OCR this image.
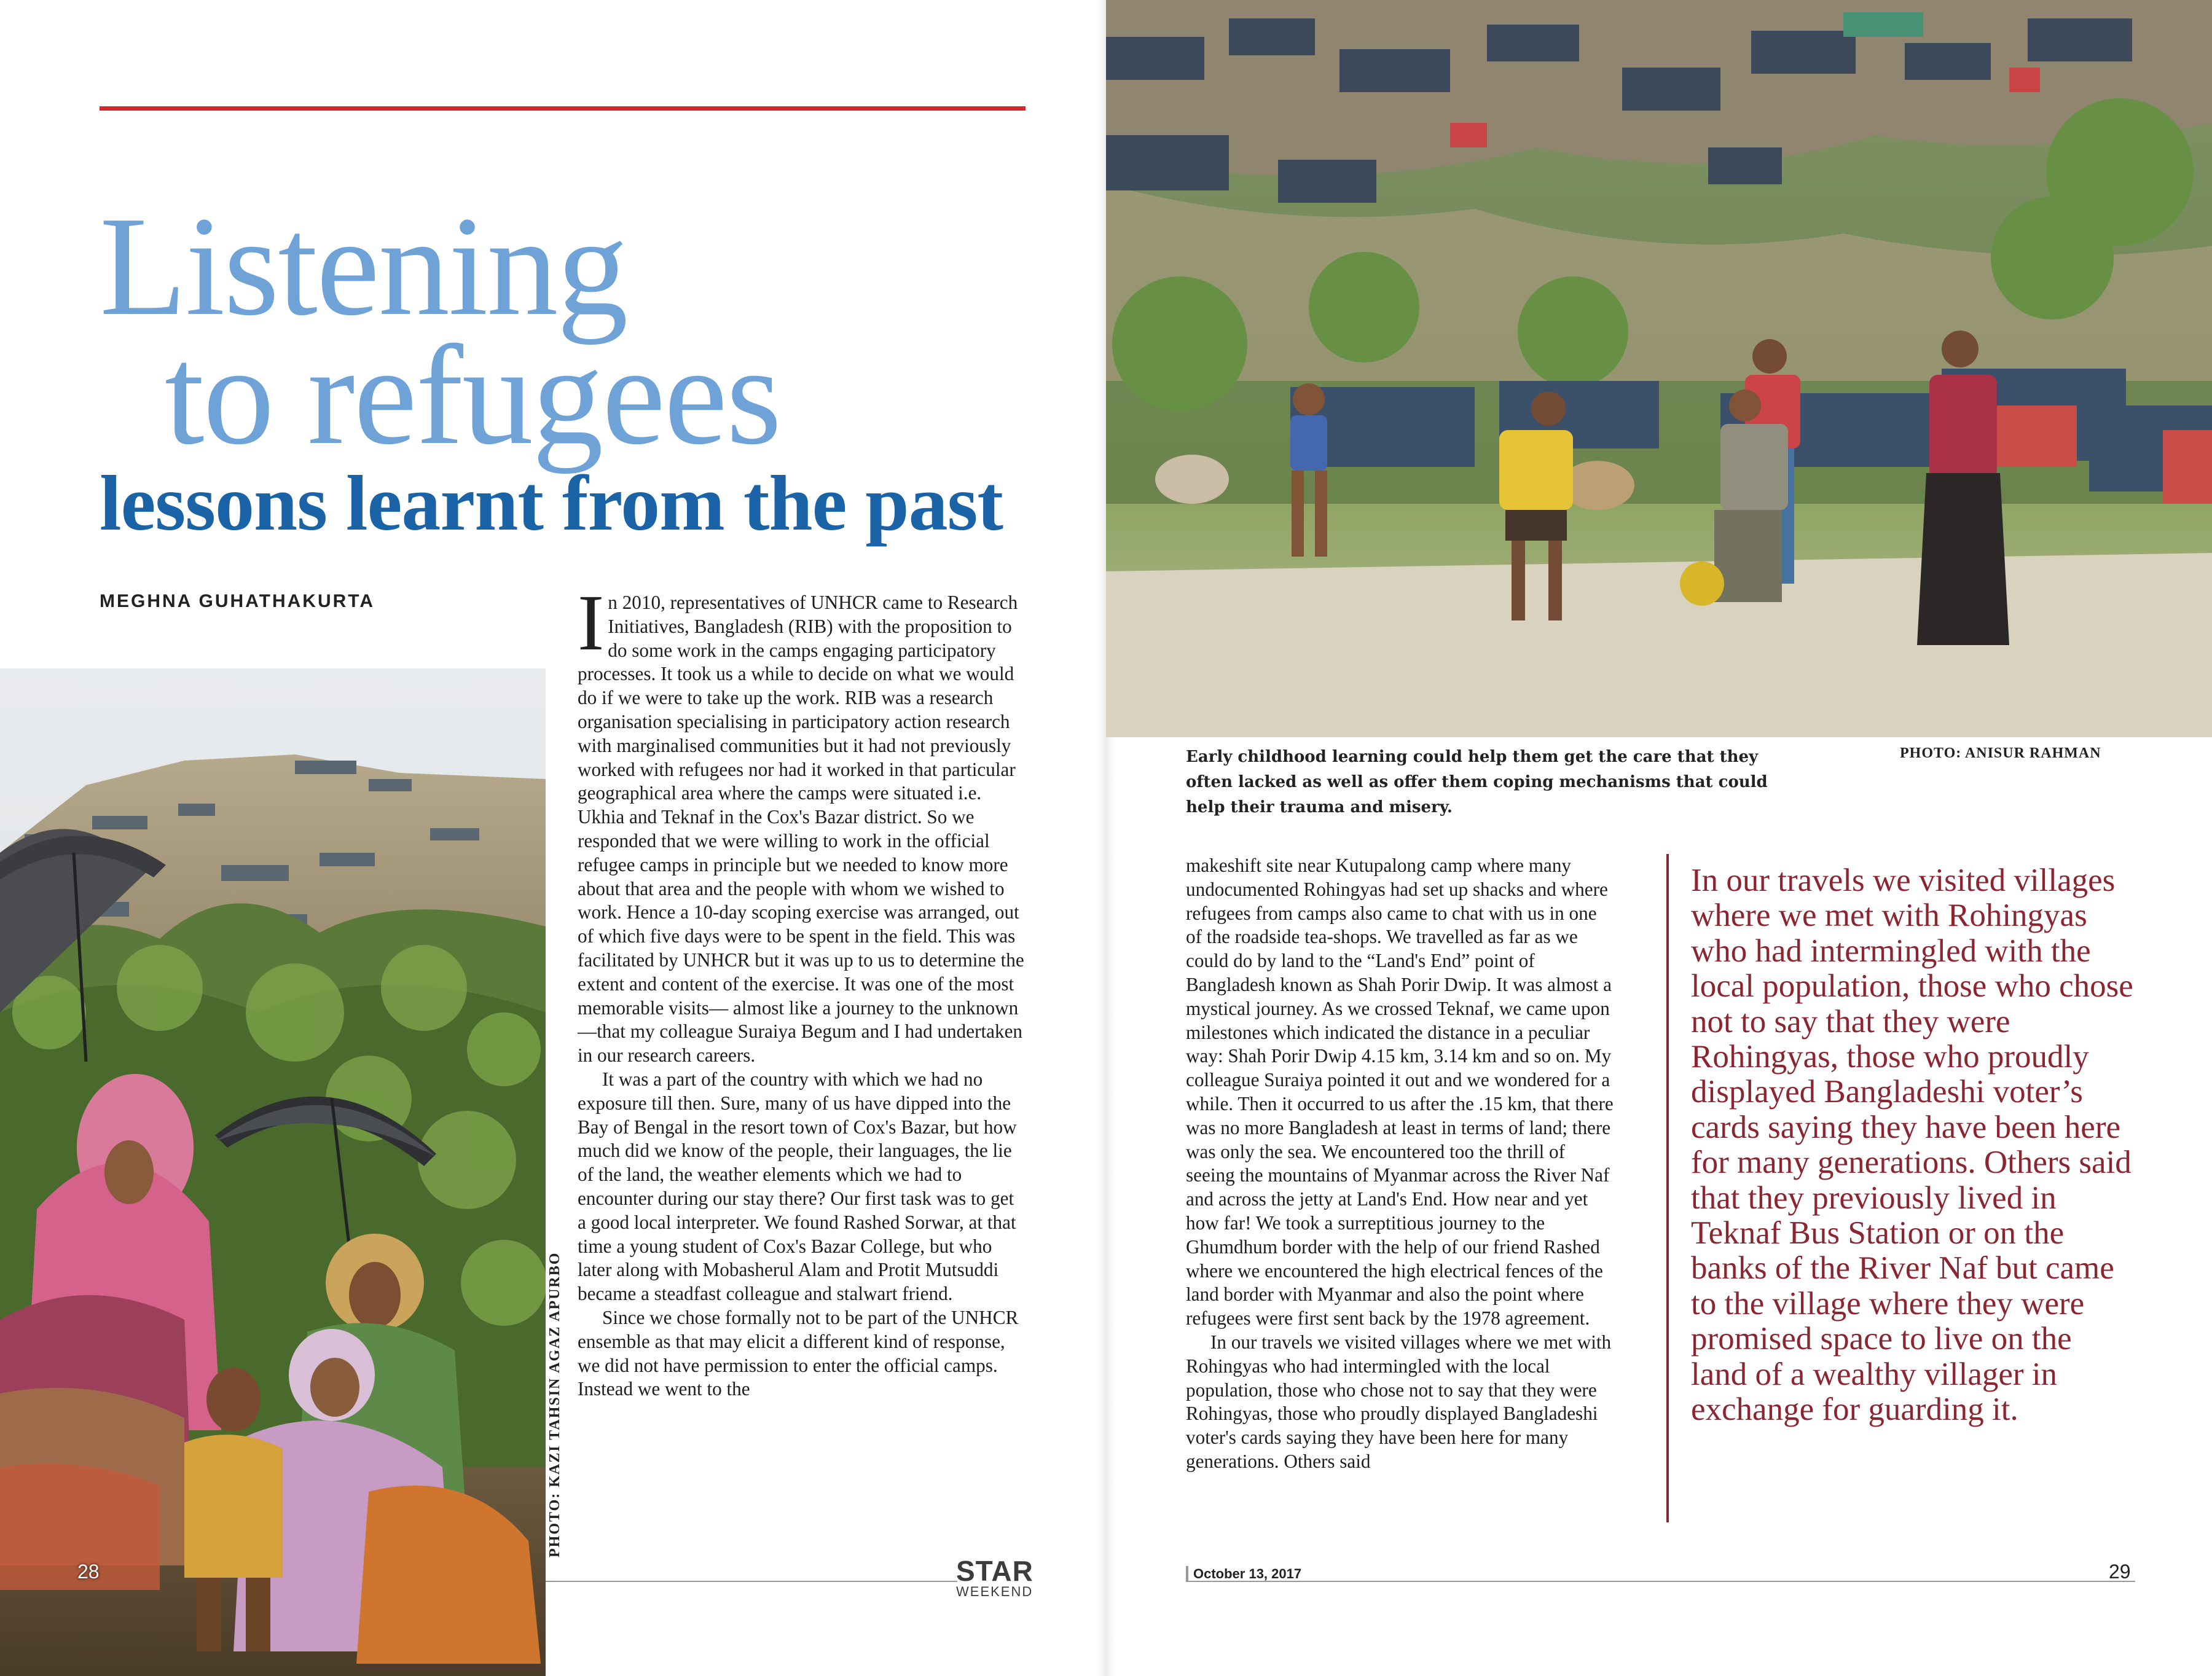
Listening
to refugees
lessons learnt from the past
MEGHNA GUHATHAKURTA
PHOTO: KAZI TAHSIN AGAZ APURBO

In 2010, representatives of UNHCR came to Research Initiatives, Bangladesh (RIB) with the proposition to do some work in the camps engaging participatory processes. It took us a while to decide on what we would do if we were to take up the work. RIB was a research organisation specialising in participatory action research with marginalised communities but it had not previously worked with refugees nor had it worked in that particular geographical area where the camps were situated i.e. Ukhia and Teknaf in the Cox's Bazar district. So we responded that we were willing to work in the official refugee camps in principle but we needed to know more about that area and the people with whom we wished to work. Hence a 10-day scoping exercise was arranged, out of which five days were to be spent in the field. This was facilitated by UNHCR but it was up to us to determine the extent and content of the exercise. It was one of the most memorable visits— almost like a journey to the unknown—that my colleague Suraiya Begum and I had undertaken in our research careers.

It was a part of the country with which we had no exposure till then. Sure, many of us have dipped into the Bay of Bengal in the resort town of Cox's Bazar, but how much did we know of the people, their languages, the lie of the land, the weather elements which we had to encounter during our stay there? Our first task was to get a good local interpreter. We found Rashed Sorwar, at that time a young student of Cox's Bazar College, but who later along with Mobasherul Alam and Protit Mutsuddi became a steadfast colleague and stalwart friend.

Since we chose formally not to be part of the UNHCR ensemble as that may elicit a different kind of response, we did not have permission to enter the official camps. Instead we went to the

28	STAR
WEEKEND

Early childhood learning could help them get the care that they often lacked as well as offer them coping mechanisms that could help their trauma and misery.

PHOTO: ANISUR RAHMAN

makeshift site near Kutupalong camp where many undocumented Rohingyas had set up shacks and where refugees from camps also came to chat with us in one of the roadside tea-shops. We travelled as far as we could do by land to the “Land's End” point of Bangladesh known as Shah Porir Dwip. It was almost a mystical journey. As we crossed Teknaf, we came upon milestones which indicated the distance in a peculiar way: Shah Porir Dwip 4.15 km, 3.14 km and so on. My colleague Suraiya pointed it out and we wondered for a while. Then it occurred to us after the .15 km, that there was no more Bangladesh at least in terms of land; there was only the sea. We encountered too the thrill of seeing the mountains of Myanmar across the River Naf and across the jetty at Land's End. How near and yet how far! We took a surreptitious journey to the Ghumdhum border with the help of our friend Rashed where we encountered the high electrical fences of the land border with Myanmar and also the point where refugees were first sent back by the 1978 agreement.

In our travels we visited villages where we met with Rohingyas who had intermingled with the local population, those who chose not to say that they were Rohingyas, those who proudly displayed Bangladeshi voter's cards saying they have been here for many generations. Others said

In our travels we visited villages where we met with Rohingyas who had intermingled with the local population, those who chose not to say that they were Rohingyas, those who proudly displayed Bangladeshi voter’s cards saying they have been here for many generations. Others said that they previously lived in Teknaf Bus Station or on the banks of the River Naf but came to the village where they were promised space to live on the land of a wealthy villager in exchange for guarding it.

October 13, 2017	29
